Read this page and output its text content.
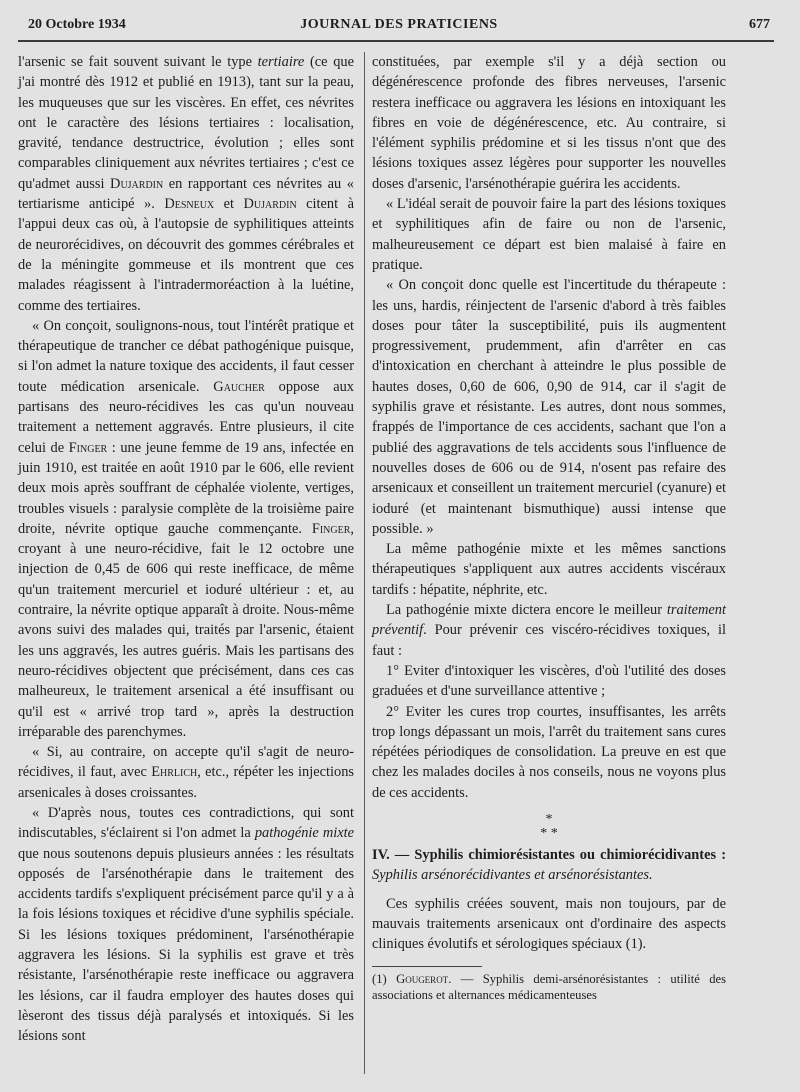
20 Octobre 1934	JOURNAL DES PRATICIENS	677

l'arsenic se fait souvent suivant le type tertiaire (ce que j'ai montré dès 1912 et publié en 1913), tant sur la peau, les muqueuses que sur les viscères. En effet, ces névrites ont le caractère des lésions tertiaires : localisation, gravité, tendance destructrice, évolution ; elles sont comparables cliniquement aux névrites tertiaires ; c'est ce qu'admet aussi Dujardin en rapportant ces névrites au « tertiarisme anticipé ». Desneux et Dujardin citent à l'appui deux cas où, à l'autopsie de syphilitiques atteints de neurorécidives, on découvrit des gommes cérébrales et de la méningite gommeuse et ils montrent que ces malades réagissent à l'intradermoréaction à la luétine, comme des tertiaires.

« On conçoit, soulignons-nous, tout l'intérêt pratique et thérapeutique de trancher ce débat pathogénique puisque, si l'on admet la nature toxique des accidents, il faut cesser toute médication arsenicale. Gaucher oppose aux partisans des neuro-récidives les cas qu'un nouveau traitement a nettement aggravés. Entre plusieurs, il cite celui de Finger : une jeune femme de 19 ans, infectée en juin 1910, est traitée en août 1910 par le 606, elle revient deux mois après souffrant de céphalée violente, vertiges, troubles visuels : paralysie complète de la troisième paire droite, névrite optique gauche commençante. Finger, croyant à une neuro-récidive, fait le 12 octobre une injection de 0,45 de 606 qui reste inefficace, de même qu'un traitement mercuriel et ioduré ultérieur : et, au contraire, la névrite optique apparaît à droite. Nous-même avons suivi des malades qui, traités par l'arsenic, étaient les uns aggravés, les autres guéris. Mais les partisans des neuro-récidives objectent que précisément, dans ces cas malheureux, le traitement arsenical a été insuffisant ou qu'il est « arrivé trop tard », après la destruction irréparable des parenchymes.

« Si, au contraire, on accepte qu'il s'agit de neuro-récidives, il faut, avec Ehrlich, etc., répéter les injections arsenicales à doses croissantes.

« D'après nous, toutes ces contradictions, qui sont indiscutables, s'éclairent si l'on admet la pathogénie mixte que nous soutenons depuis plusieurs années : les résultats opposés de l'arsénothérapie dans le traitement des accidents tardifs s'expliquent précisément parce qu'il y a à la fois lésions toxiques et récidive d'une syphilis spéciale. Si les lésions toxiques prédominent, l'arsénothérapie aggravera les lésions. Si la syphilis est grave et très résistante, l'arsénothérapie reste inefficace ou aggravera les lésions, car il faudra employer des hautes doses qui lèseront des tissus déjà paralysés et intoxiqués. Si les lésions sont

constituées, par exemple s'il y a déjà section ou dégénérescence profonde des fibres nerveuses, l'arsenic restera inefficace ou aggravera les lésions en intoxiquant les fibres en voie de dégénérescence, etc. Au contraire, si l'élément syphilis prédomine et si les tissus n'ont que des lésions toxiques assez légères pour supporter les nouvelles doses d'arsenic, l'arsénothérapie guérira les accidents.

« L'idéal serait de pouvoir faire la part des lésions toxiques et syphilitiques afin de faire ou non de l'arsenic, malheureusement ce départ est bien malaisé à faire en pratique.

« On conçoit donc quelle est l'incertitude du thérapeute : les uns, hardis, réinjectent de l'arsenic d'abord à très faibles doses pour tâter la susceptibilité, puis ils augmentent progressivement, prudemment, afin d'arrêter en cas d'intoxication en cherchant à atteindre le plus possible de hautes doses, 0,60 de 606, 0,90 de 914, car il s'agit de syphilis grave et résistante. Les autres, dont nous sommes, frappés de l'importance de ces accidents, sachant que l'on a publié des aggravations de tels accidents sous l'influence de nouvelles doses de 606 ou de 914, n'osent pas refaire des arsenicaux et conseillent un traitement mercuriel (cyanure) et ioduré (et maintenant bismuthique) aussi intense que possible. »

La même pathogénie mixte et les mêmes sanctions thérapeutiques s'appliquent aux autres accidents viscéraux tardifs : hépatite, néphrite, etc.

La pathogénie mixte dictera encore le meilleur traitement préventif. Pour prévenir ces viscéro-récidives toxiques, il faut :

1° Eviter d'intoxiquer les viscères, d'où l'utilité des doses graduées et d'une surveillance attentive ;

2° Eviter les cures trop courtes, insuffisantes, les arrêts trop longs dépassant un mois, l'arrêt du traitement sans cures répétées périodiques de consolidation. La preuve en est que chez les malades dociles à nos conseils, nous ne voyons plus de ces accidents.

*
* *

IV. — Syphilis chimiorésistantes ou chimiorécidivantes : Syphilis arsénorécidivantes et arsénorésistantes.

Ces syphilis créées souvent, mais non toujours, par de mauvais traitements arsenicaux ont d'ordinaire des aspects cliniques évolutifs et sérologiques spéciaux (1).

(1) Gougerot. — Syphilis demi-arsénorésistantes : utilité des associations et alternances médicamenteuses
